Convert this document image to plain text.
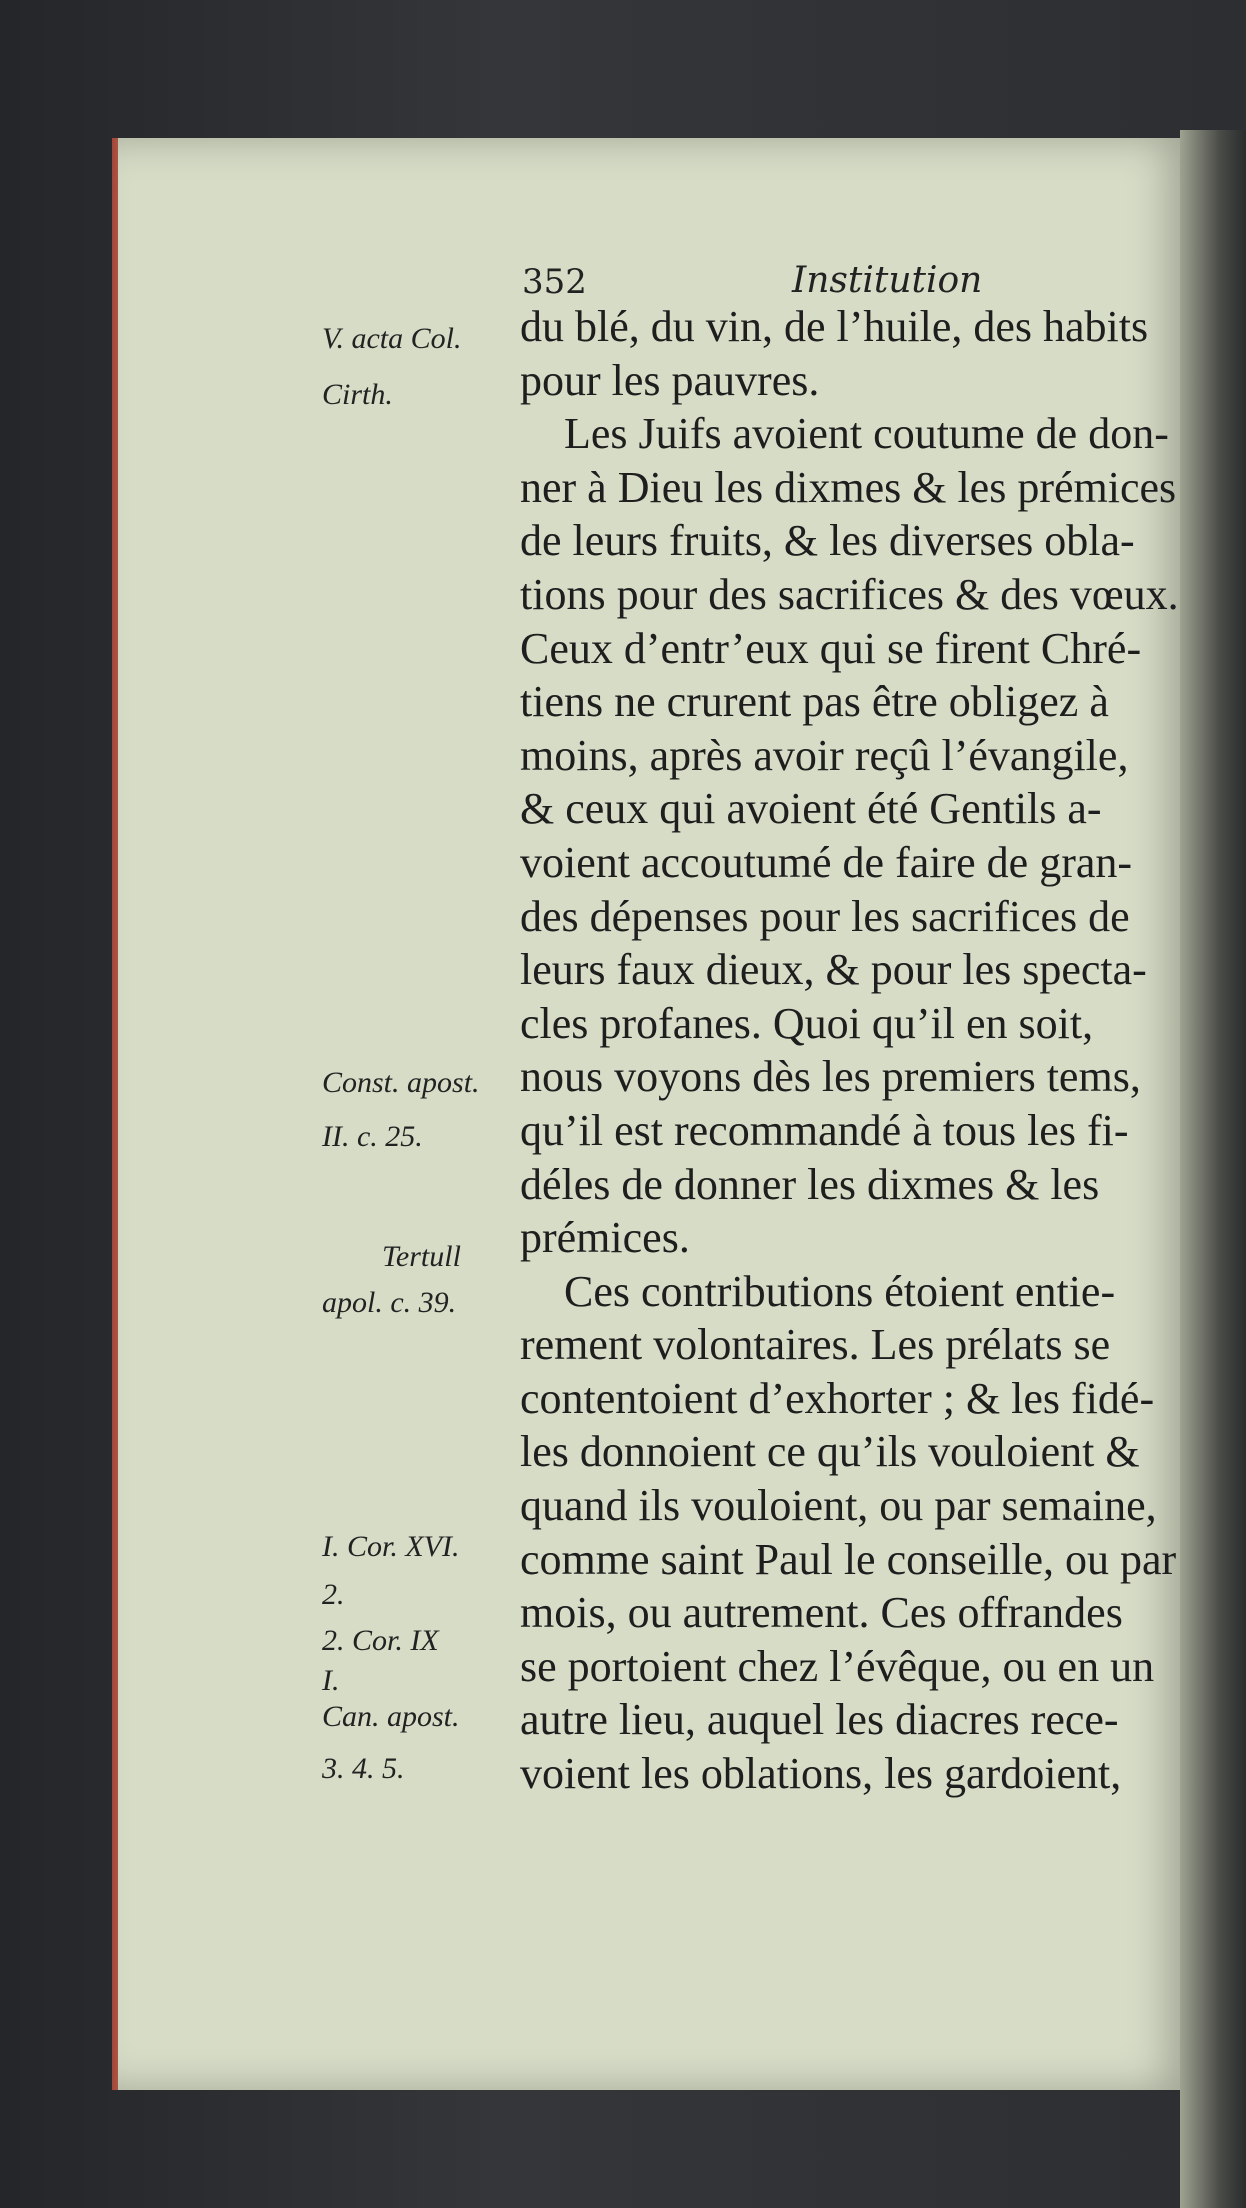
352	Institution
du blé, du vin, de l’huile, des habits
pour les pauvres.
Les Juifs avoient coutume de don-
ner à Dieu les dixmes & les prémices
de leurs fruits, & les diverses obla-
tions pour des sacrifices & des vœux.
Ceux d’entr’eux qui se firent Chré-
tiens ne crurent pas être obligez à
moins, après avoir reçû l’évangile,
& ceux qui avoient été Gentils a-
voient accoutumé de faire de gran-
des dépenses pour les sacrifices de
leurs faux dieux, & pour les specta-
cles profanes. Quoi qu’il en soit,
nous voyons dès les premiers tems,
qu’il est recommandé à tous les fi-
déles de donner les dixmes & les
prémices.
Ces contributions étoient entie-
rement volontaires. Les prélats se
contentoient d’exhorter ; & les fidé-
les donnoient ce qu’ils vouloient &
quand ils vouloient, ou par semaine,
comme saint Paul le conseille, ou par
mois, ou autrement. Ces offrandes
se portoient chez l’évêque, ou en un
autre lieu, auquel les diacres rece-
voient les oblations, les gardoient,
V. acta Col.
Cirth.
Const. apost.
II. c. 25.
Tertull
apol. c. 39.
I. Cor. XVI.
2.
2. Cor. IX
I.
Can. apost.
3. 4. 5.
